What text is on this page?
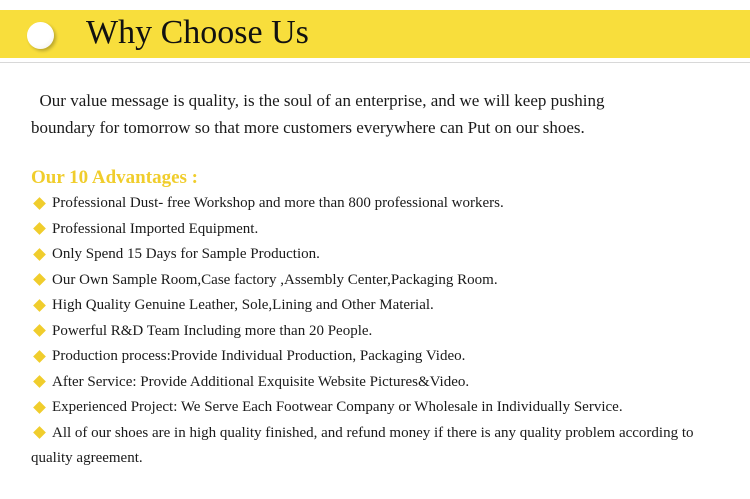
Why Choose Us
Our value message is quality, is the soul of an enterprise, and we will keep pushing
boundary for tomorrow so that more customers everywhere can Put on our shoes.
Our 10 Advantages :
Professional Dust- free Workshop and more than 800 professional workers.
Professional Imported Equipment.
Only Spend 15 Days for Sample Production.
Our Own Sample Room,Case factory ,Assembly Center,Packaging Room.
High Quality Genuine Leather, Sole,Lining and Other Material.
Powerful R&D Team Including more than 20 People.
Production process:Provide Individual Production, Packaging Video.
After Service: Provide Additional Exquisite Website Pictures&Video.
Experienced Project: We Serve Each Footwear Company or Wholesale in Individually Service.
All of our shoes are in high quality finished, and refund money if there is any quality problem according to quality agreement.
